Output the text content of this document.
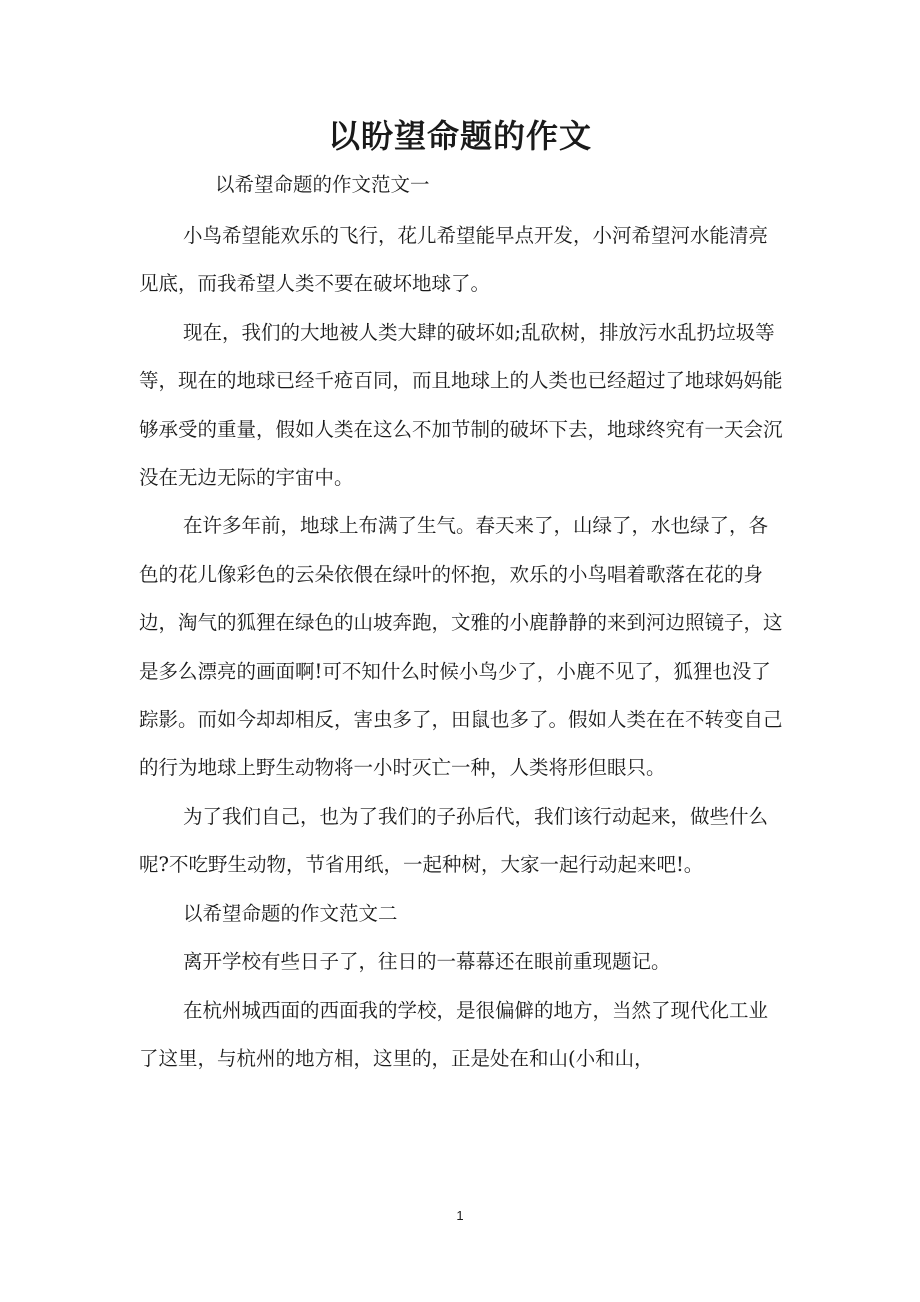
以盼望命题的作文
以希望命题的作文范文一

小鸟希望能欢乐的飞行，花儿希望能早点开发，小河希望河水能清亮见底，而我希望人类不要在破坏地球了。

现在，我们的大地被人类大肆的破坏如;乱砍树，排放污水乱扔垃圾等等，现在的地球已经千疮百同，而且地球上的人类也已经超过了地球妈妈能够承受的重量，假如人类在这么不加节制的破坏下去，地球终究有一天会沉没在无边无际的宇宙中。

在许多年前，地球上布满了生气。春天来了，山绿了，水也绿了，各色的花儿像彩色的云朵依偎在绿叶的怀抱，欢乐的小鸟唱着歌落在花的身边，淘气的狐狸在绿色的山坡奔跑，文雅的小鹿静静的来到河边照镜子，这是多么漂亮的画面啊!可不知什么时候小鸟少了，小鹿不见了，狐狸也没了踪影。而如今却却相反，害虫多了，田鼠也多了。假如人类在在不转变自己的行为地球上野生动物将一小时灭亡一种，人类将形但眼只。

为了我们自己，也为了我们的子孙后代，我们该行动起来，做些什么呢?不吃野生动物，节省用纸，一起种树，大家一起行动起来吧!。

以希望命题的作文范文二

离开学校有些日子了，往日的一幕幕还在眼前重现题记。

在杭州城西面的西面我的学校，是很偏僻的地方，当然了现代化工业了这里，与杭州的地方相，这里的，正是处在和山(小和山，

1
